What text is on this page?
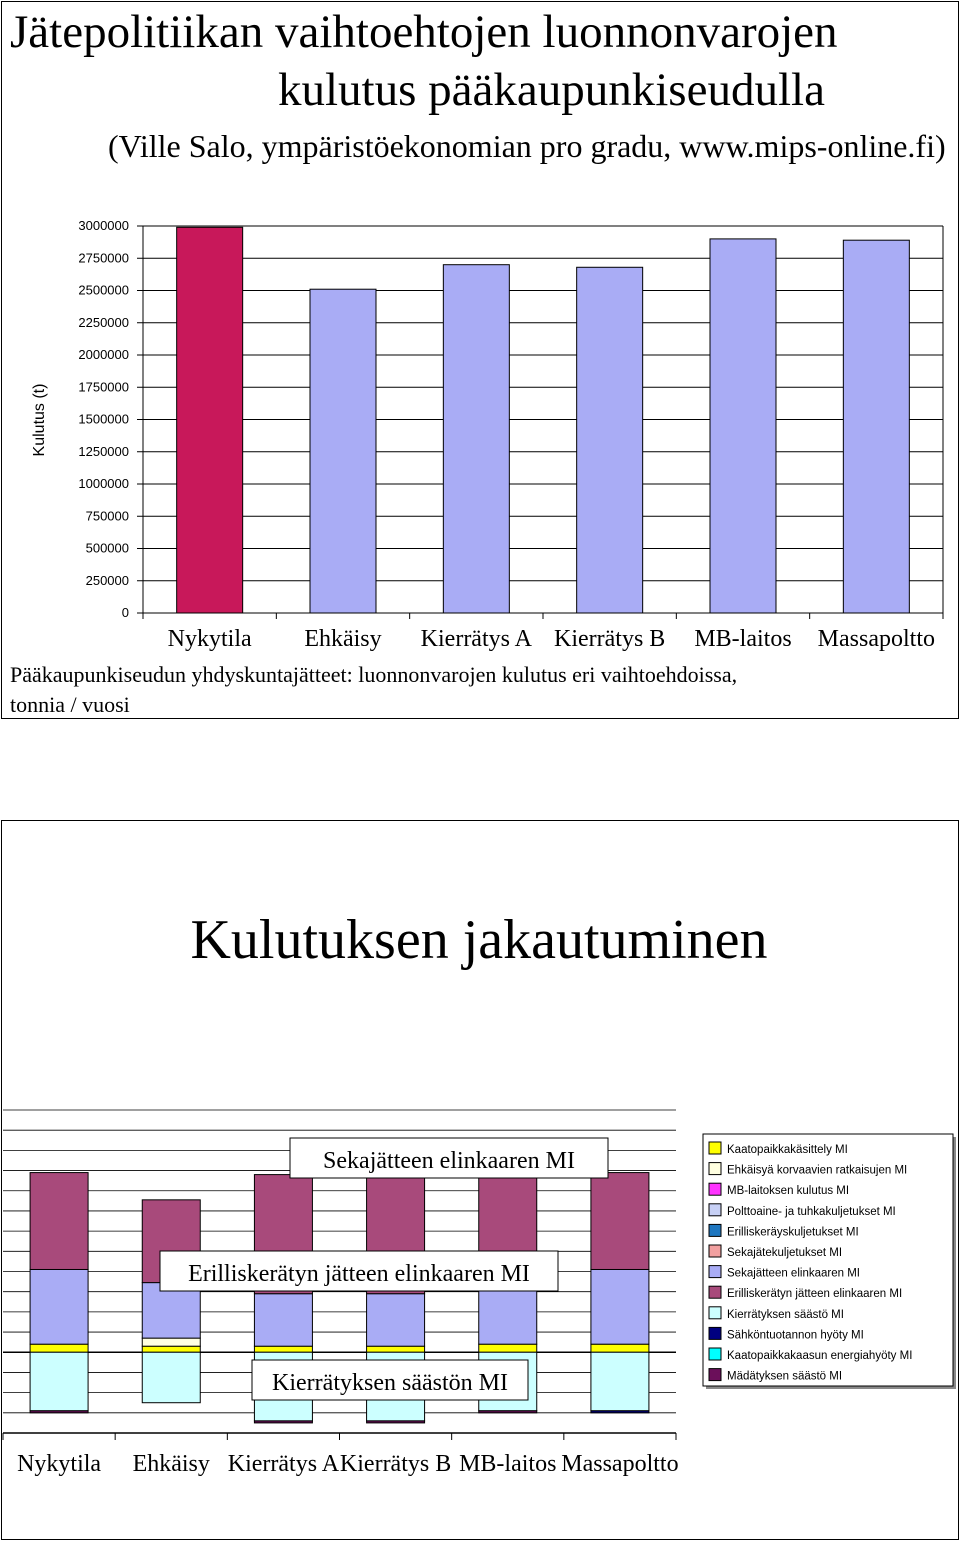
Jätepolitiikan vaihtoehtojen luonnonvarojen
kulutus pääkaupunkiseudulla
(Ville Salo, ympäristöekonomian pro gradu, www.mips-online.fi)
0
250000
500000
750000
1000000
1250000
1500000
1750000
2000000
2250000
2500000
2750000
3000000
Nykytila Ehkäisy Kierrätys A Kierrätys B MB-laitos Massapoltto
Kulutus (t)
Pääkaupunkiseudun yhdyskuntajätteet: luonnonvarojen kulutus eri vaihtoehdoissa,
tonnia / vuosi
Kulutuksen jakautuminen
Nykytila Ehkäisy Kierrätys A Kierrätys B MB-laitos Massapoltto
Sekajätteen elinkaaren MI
Erilliskerätyn jätteen elinkaaren MI
Kierrätyksen säästön MI
Kaatopaikkakäsittely MI
Ehkäisyä korvaavien ratkaisujen MI
MB-laitoksen kulutus MI
Polttoaine- ja tuhkakuljetukset MI
Erilliskeräyskuljetukset MI
Sekajätekuljetukset MI
Sekajätteen elinkaaren MI
Erilliskerätyn jätteen elinkaaren MI
Kierrätyksen säästö MI
Sähköntuotannon hyöty MI
Kaatopaikkakaasun energiahyöty MI
Mädätyksen säästö MI
